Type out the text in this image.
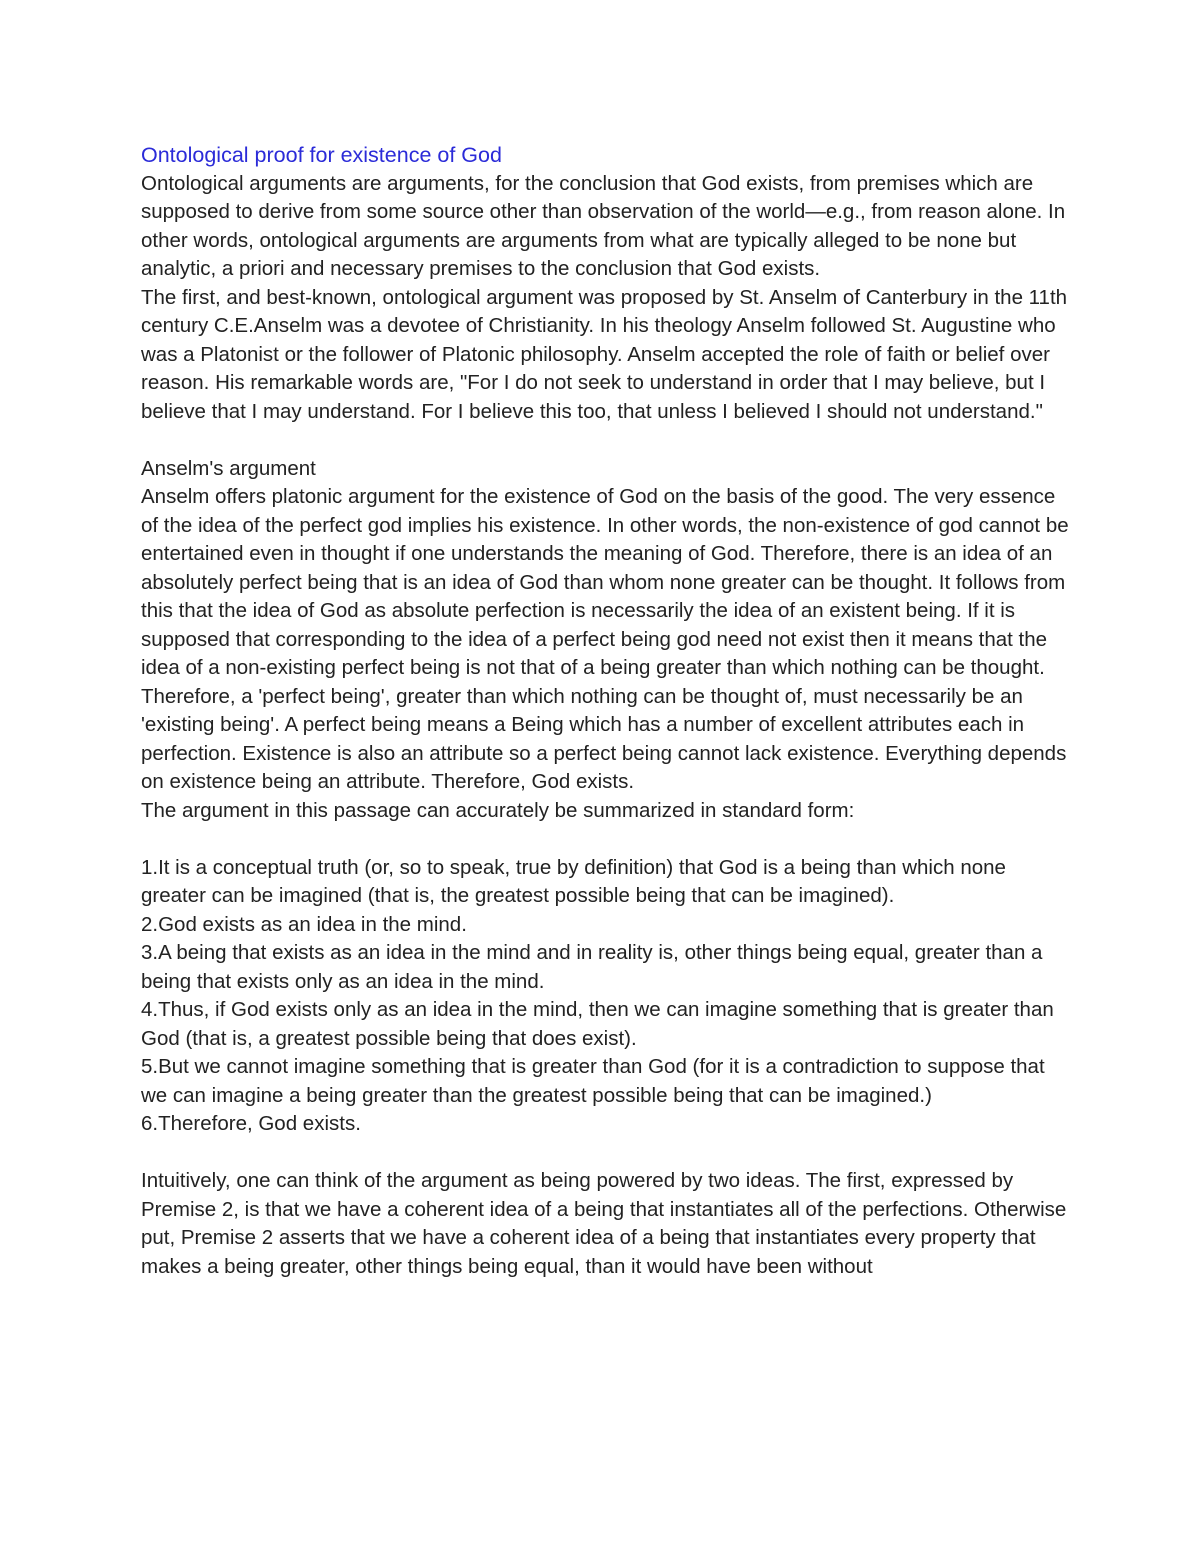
Ontological proof for existence of God

Ontological arguments are arguments, for the conclusion that God exists, from premises which are supposed to derive from some source other than observation of the world—e.g., from reason alone. In other words, ontological arguments are arguments from what are typically alleged to be none but analytic, a priori and necessary premises to the conclusion that God exists.

The first, and best-known, ontological argument was proposed by St. Anselm of Canterbury in the 11th century C.E.Anselm was a devotee of Christianity. In his theology Anselm followed St. Augustine who was a Platonist or the follower of Platonic philosophy. Anselm accepted the role of faith or belief over reason. His remarkable words are, "For I do not seek to understand in order that I may believe, but I believe that I may understand. For I believe this too, that unless I believed I should not understand."

Anselm's argument

Anselm offers platonic argument for the existence of God on the basis of the good. The very essence of the idea of the perfect god implies his existence. In other words, the non-existence of god cannot be entertained even in thought if one understands the meaning of God. Therefore, there is an idea of an absolutely perfect being that is an idea of God than whom none greater can be thought. It follows from this that the idea of God as absolute perfection is necessarily the idea of an existent being. If it is supposed that corresponding to the idea of a perfect being god need not exist then it means that the idea of a non-existing perfect being is not that of a being greater than which nothing can be thought. Therefore, a 'perfect being', greater than which nothing can be thought of, must necessarily be an 'existing being'. A perfect being means a Being which has a number of excellent attributes each in perfection. Existence is also an attribute so a perfect being cannot lack existence. Everything depends on existence being an attribute. Therefore, God exists.

The argument in this passage can accurately be summarized in standard form:

1.It is a conceptual truth (or, so to speak, true by definition) that God is a being than which none greater can be imagined (that is, the greatest possible being that can be imagined).

2.God exists as an idea in the mind.

3.A being that exists as an idea in the mind and in reality is, other things being equal, greater than a being that exists only as an idea in the mind.

4.Thus, if God exists only as an idea in the mind, then we can imagine something that is greater than God (that is, a greatest possible being that does exist).

5.But we cannot imagine something that is greater than God (for it is a contradiction to suppose that we can imagine a being greater than the greatest possible being that can be imagined.)

6.Therefore, God exists.

Intuitively, one can think of the argument as being powered by two ideas. The first, expressed by Premise 2, is that we have a coherent idea of a being that instantiates all of the perfections. Otherwise put, Premise 2 asserts that we have a coherent idea of a being that instantiates every property that makes a being greater, other things being equal, than it would have been without
